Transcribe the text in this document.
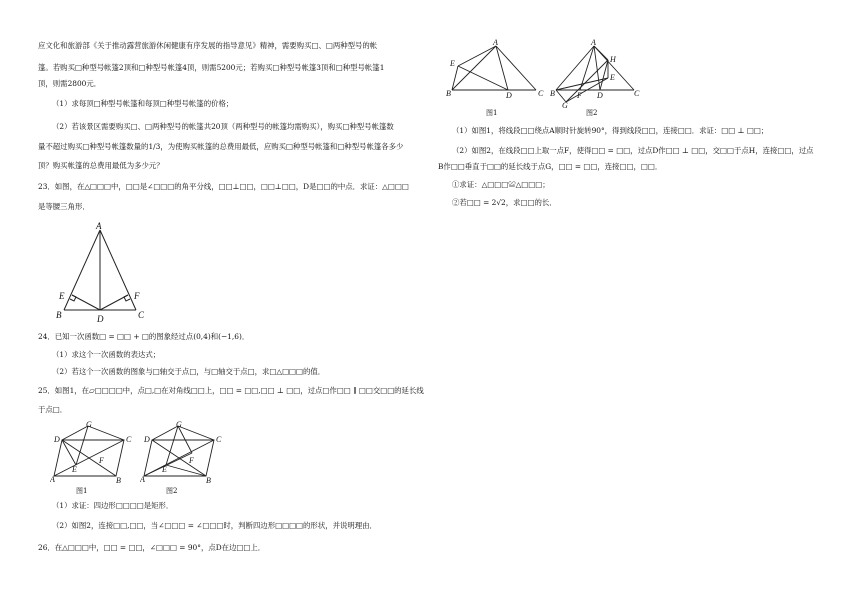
应文化和旅游部《关于推动露营旅游休闲健康有序发展的指导意见》精神，需要购买□、□两种型号的帐
篷。若购买□种型号帐篷2顶和□种型号帐篷4顶，则需5200元；若购买□种型号帐篷3顶和□种型号帐篷1
顶，则需2800元．
（1）求每顶□种型号帐篷和每顶□种型号帐篷的价格；
（2）若该景区需要购买□、□两种型号的帐篷共20顶（两种型号的帐篷均需购买），购买□种型号帐篷数
量不超过购买□种型号帐篷数量的1/3，为使购买帐篷的总费用最低，应购买□种型号帐篷和□种型号帐篷各多少
顶？购买帐篷的总费用最低为多少元？
23．如图，在△□□□中，□□是∠□□□的角平分线，□□⊥□□，□□⊥□□，D是□□的中点．求证：△□□□
是等腰三角形．
A
B	C
D
E	F
24．已知一次函数□ = □□ + □的图象经过点(0,4)和(−1,6)．
（1）求这个一次函数的表达式；
（2）若这个一次函数的图象与□轴交于点□，与□轴交于点□，求□△□□□的值．
25．如图1，在▱□□□□中，点□,□在对角线□□上，□□ = □□,□□ ⊥ □□，过点□作□□ ∥ □□交□□的延长线
于点□．
D
G
C
A	B
E
F
图1
D
G
C
A	B
E
F
图2
（1）求证：四边形□□□□是矩形．
（2）如图2，连接□□,□□，当∠□□□ = ∠□□□时，判断四边形□□□□的形状，并说明理由．
26．在△□□□中，□□ = □□，∠□□□ = 90°，点D在边□□上．
A
E
B	D	C
图1
A
H
E
B	F D	C
G
图2
（1）如图1，将线段□□绕点A顺时针旋转90°，得到线段□□，连接□□．求证：□□ ⊥ □□；
（2）如图2，在线段□□上取一点F，使得□□ = □□，过点D作□□ ⊥ □□，交□□于点H，连接□□，过点
B作□□垂直于□□的延长线于点G，□□ = □□，连接□□，□□．
①求证：△□□□≌△□□□；
②若□□ = 2√2，求□□的长．
